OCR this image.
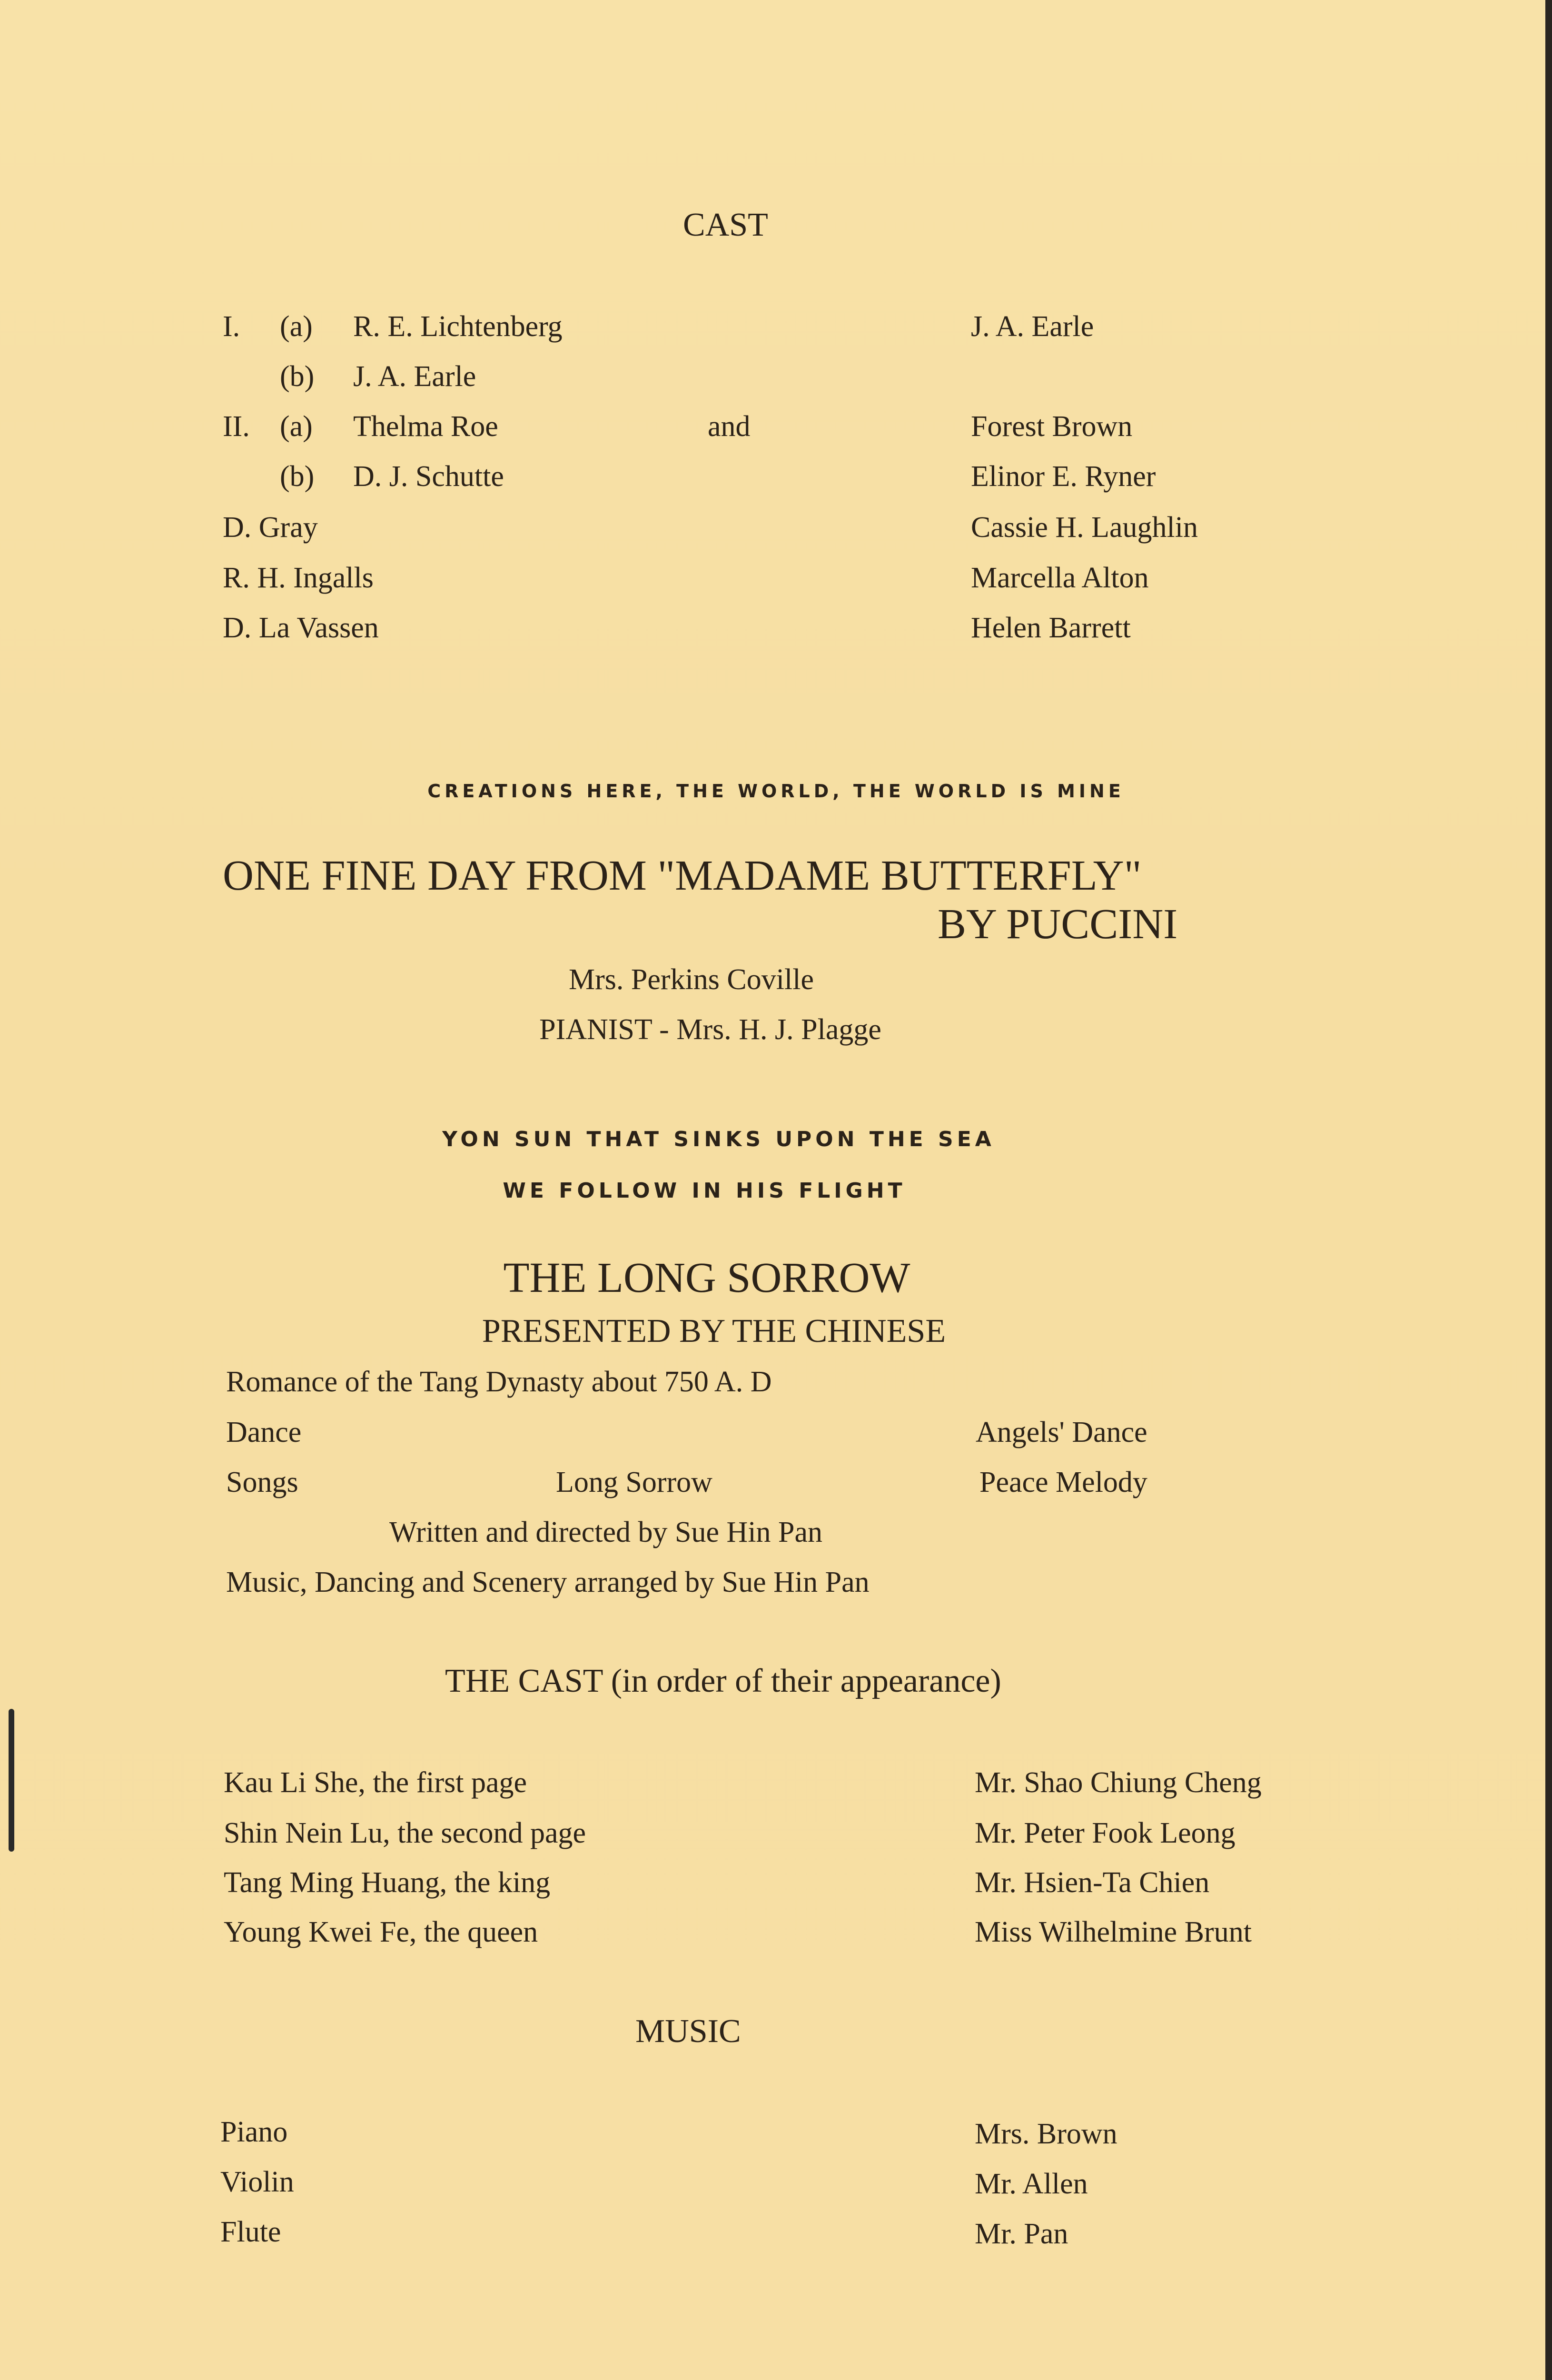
CAST
I. (a) R. E. Lichtenberg	J. A. Earle
(b) J. A. Earle
II. (a) Thelma Roe	and	Forest Brown
(b) D. J. Schutte	Elinor E. Ryner
D. Gray	Cassie H. Laughlin
R. H. Ingalls	Marcella Alton
D. La Vassen	Helen Barrett
CREATIONS HERE, THE WORLD, THE WORLD IS MINE
ONE FINE DAY FROM "MADAME BUTTERFLY"
BY PUCCINI
Mrs. Perkins Coville
PIANIST - Mrs. H. J. Plagge
YON SUN THAT SINKS UPON THE SEA
WE FOLLOW IN HIS FLIGHT
THE LONG SORROW
PRESENTED BY THE CHINESE
Romance of the Tang Dynasty about 750 A. D
Dance	Angels' Dance
Songs	Long Sorrow	Peace Melody
Written and directed by Sue Hin Pan
Music, Dancing and Scenery arranged by Sue Hin Pan
THE CAST (in order of their appearance)
Kau Li She, the first page	Mr. Shao Chiung Cheng
Shin Nein Lu, the second page	Mr. Peter Fook Leong
Tang Ming Huang, the king	Mr. Hsien-Ta Chien
Young Kwei Fe, the queen	Miss Wilhelmine Brunt
MUSIC
Piano	Mrs. Brown
Violin	Mr. Allen
Flute	Mr. Pan
